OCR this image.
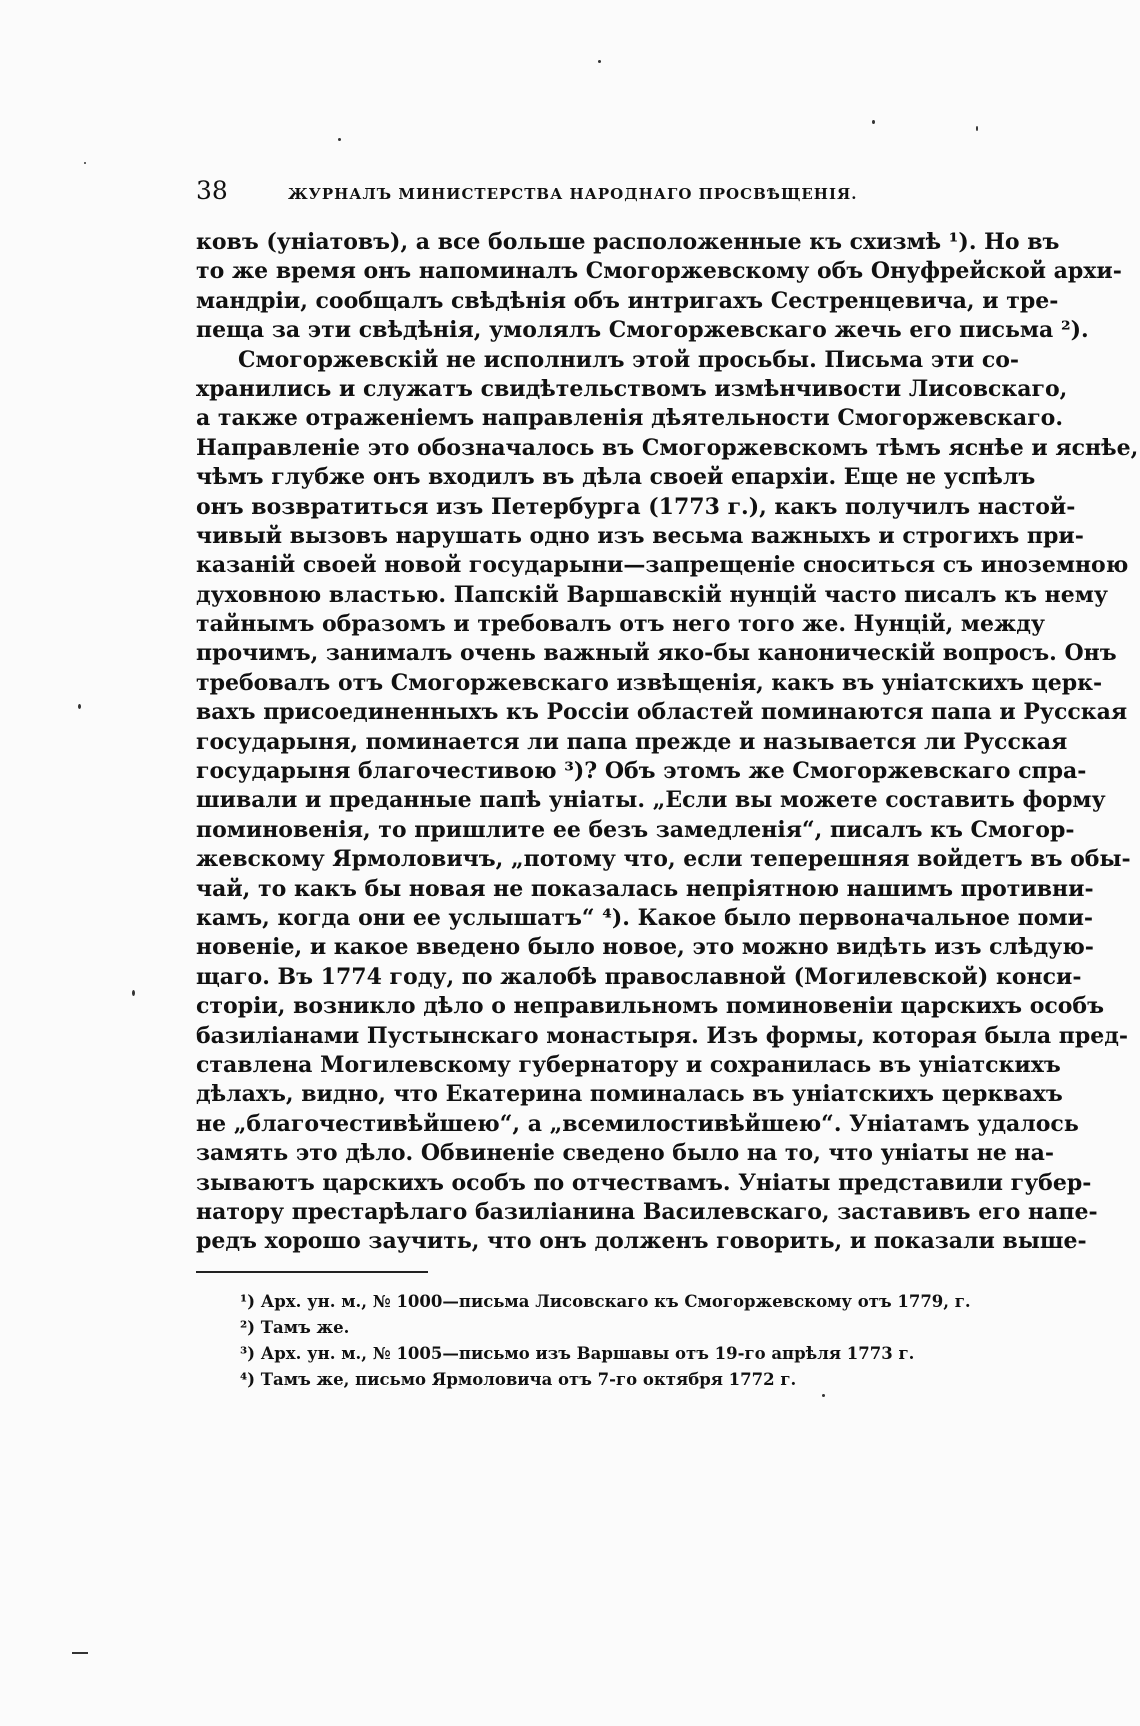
38	ЖУРНАЛЪ МИНИСТЕРСТВА НАРОДНАГО ПРОСВѢЩЕНІЯ.
ковъ (уніатовъ), а все больше расположенные къ схизмѣ ¹). Но въ
то же время онъ напоминалъ Смогоржевскому объ Онуфрейской архи-
мандріи, сообщалъ свѣдѣнія объ интригахъ Сестренцевича, и тре-
пеща за эти свѣдѣнія, умолялъ Смогоржевскаго жечь его письма ²).
Смогоржевскій не исполнилъ этой просьбы. Письма эти со-
хранились и служатъ свидѣтельствомъ измѣнчивости Лисовскаго,
а также отраженіемъ направленія дѣятельности Смогоржевскаго.
Направленіе это обозначалось въ Смогоржевскомъ тѣмъ яснѣе и яснѣе,
чѣмъ глубже онъ входилъ въ дѣла своей епархіи. Еще не успѣлъ
онъ возвратиться изъ Петербурга (1773 г.), какъ получилъ настой-
чивый вызовъ нарушать одно изъ весьма важныхъ и строгихъ при-
казаній своей новой государыни—запрещеніе сноситься съ иноземною
духовною властью. Папскій Варшавскій нунцій часто писалъ къ нему
тайнымъ образомъ и требовалъ отъ него того же. Нунцій, между
прочимъ, занималъ очень важный яко-бы каноническій вопросъ. Онъ
требовалъ отъ Смогоржевскаго извѣщенія, какъ въ уніатскихъ церк-
вахъ присоединенныхъ къ Россіи областей поминаются папа и Русская
государыня, поминается ли папа прежде и называется ли Русская
государыня благочестивою ³)? Объ этомъ же Смогоржевскаго спра-
шивали и преданные папѣ уніаты. „Если вы можете составить форму
поминовенія, то пришлите ее безъ замедленія“, писалъ къ Смогор-
жевскому Ярмоловичъ, „потому что, если теперешняя войдетъ въ обы-
чай, то какъ бы новая не показалась непріятною нашимъ противни-
камъ, когда они ее услышатъ“ ⁴). Какое было первоначальное поми-
новеніе, и какое введено было новое, это можно видѣть изъ слѣдую-
щаго. Въ 1774 году, по жалобѣ православной (Могилевской) конси-
сторіи, возникло дѣло о неправильномъ поминовеніи царскихъ особъ
базиліанами Пустынскаго монастыря. Изъ формы, которая была пред-
ставлена Могилевскому губернатору и сохранилась въ уніатскихъ
дѣлахъ, видно, что Екатерина поминалась въ уніатскихъ церквахъ
не „благочестивѣйшею“, а „всемилостивѣйшею“. Уніатамъ удалось
замять это дѣло. Обвиненіе сведено было на то, что уніаты не на-
зываютъ царскихъ особъ по отчествамъ. Уніаты представили губер-
натору престарѣлаго базиліанина Василевскаго, заставивъ его напе-
редъ хорошо заучить, что онъ долженъ говорить, и показали выше-
¹) Арх. ун. м., № 1000—письма Лисовскаго къ Смогоржевскому отъ 1779, г.
²) Тамъ же.
³) Арх. ун. м., № 1005—письмо изъ Варшавы отъ 19-го апрѣля 1773 г.
⁴) Тамъ же, письмо Ярмоловича отъ 7-го октября 1772 г.
